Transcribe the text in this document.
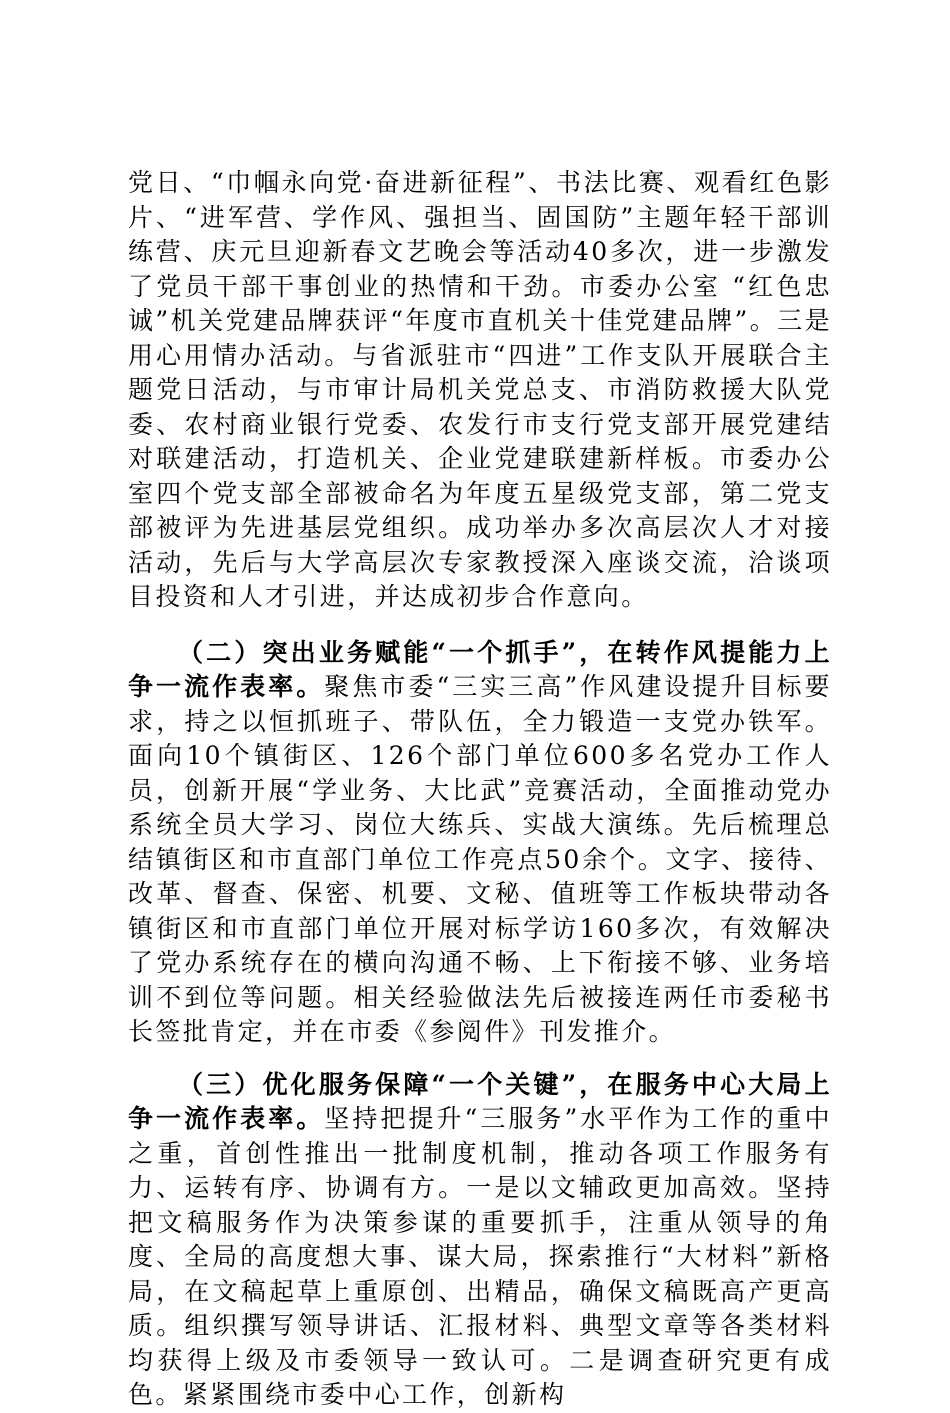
党日、“巾帼永向党·奋进新征程”、书法比赛、观看红色影片、“进军营、学作风、强担当、固国防”主题年轻干部训练营、庆元旦迎新春文艺晚会等活动40多次，进一步激发了党员干部干事创业的热情和干劲。市委办公室 “红色忠诚”机关党建品牌获评“年度市直机关十佳党建品牌”。三是用心用情办活动。与省派驻市“四进”工作支队开展联合主题党日活动，与市审计局机关党总支、市消防救援大队党委、农村商业银行党委、农发行市支行党支部开展党建结对联建活动，打造机关、企业党建联建新样板。市委办公室四个党支部全部被命名为年度五星级党支部，第二党支部被评为先进基层党组织。成功举办多次高层次人才对接活动，先后与大学高层次专家教授深入座谈交流，洽谈项目投资和人才引进，并达成初步合作意向。

（二）突出业务赋能“一个抓手”，在转作风提能力上争一流作表率。聚焦市委“三实三高”作风建设提升目标要求，持之以恒抓班子、带队伍，全力锻造一支党办铁军。面向10个镇街区、126个部门单位600多名党办工作人员，创新开展“学业务、大比武”竞赛活动，全面推动党办系统全员大学习、岗位大练兵、实战大演练。先后梳理总结镇街区和市直部门单位工作亮点50余个。文字、接待、改革、督查、保密、机要、文秘、值班等工作板块带动各镇街区和市直部门单位开展对标学访160多次，有效解决了党办系统存在的横向沟通不畅、上下衔接不够、业务培训不到位等问题。相关经验做法先后被接连两任市委秘书长签批肯定，并在市委《参阅件》刊发推介。

（三）优化服务保障“一个关键”，在服务中心大局上争一流作表率。坚持把提升“三服务”水平作为工作的重中之重，首创性推出一批制度机制，推动各项工作服务有力、运转有序、协调有方。一是以文辅政更加高效。坚持把文稿服务作为决策参谋的重要抓手，注重从领导的角度、全局的高度想大事、谋大局，探索推行“大材料”新格局，在文稿起草上重原创、出精品，确保文稿既高产更高质。组织撰写领导讲话、汇报材料、典型文章等各类材料均获得上级及市委领导一致认可。二是调查研究更有成色。紧紧围绕市委中心工作，创新构
